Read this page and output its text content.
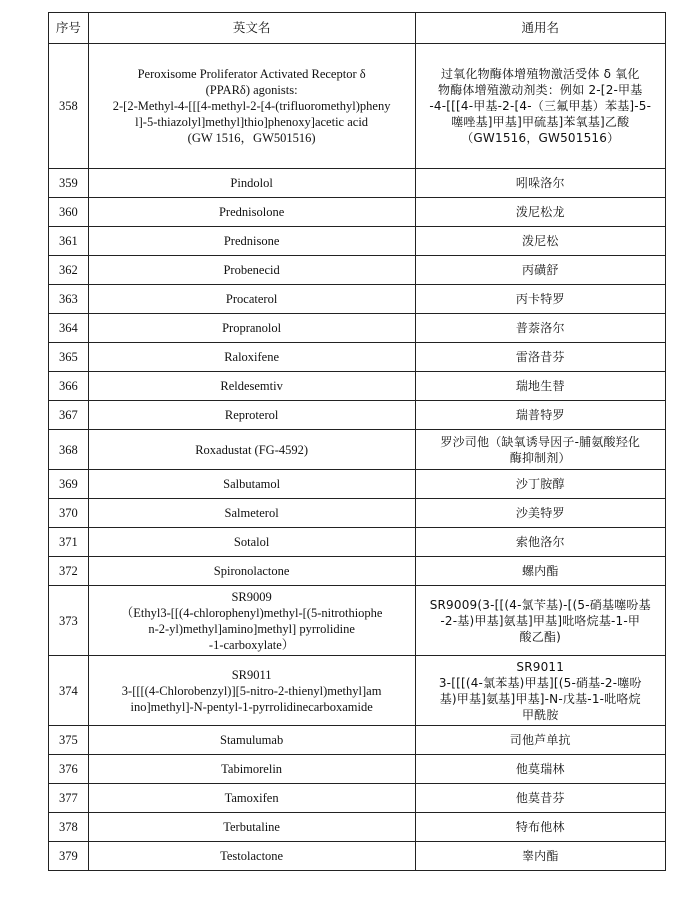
序号	英文名	通用名
358	Peroxisome Proliferator Activated Receptor δ
(PPARδ) agonists:
2-[2-Methyl-4-[[[4-methyl-2-[4-(trifluoromethyl)pheny
l]-5-thiazolyl]methyl]thio]phenoxy]acetic acid
(GW 1516，GW501516)	过氧化物酶体增殖物激活受体 δ 氧化
物酶体增殖激动剂类：例如 2-[2-甲基
-4-[[[4-甲基-2-[4-（三氟甲基）苯基]-5-
噻唑基]甲基]甲硫基]苯氧基]乙酸
（GW1516，GW501516）

359	Pindolol	吲哚洛尔

360	Prednisolone	泼尼松龙

361	Prednisone	泼尼松

362	Probenecid	丙磺舒

363	Procaterol	丙卡特罗

364	Propranolol	普萘洛尔

365	Raloxifene	雷洛昔芬

366	Reldesemtiv	瑞地生替

367	Reproterol	瑞普特罗

368	Roxadustat (FG-4592)	罗沙司他（缺氧诱导因子-脯氨酸羟化
酶抑制剂）

369	Salbutamol	沙丁胺醇

370	Salmeterol	沙美特罗

371	Sotalol	索他洛尔

372	Spironolactone	螺内酯

373	SR9009
（Ethyl3-[[(4-chlorophenyl)methyl-[(5-nitrothiophe
n-2-yl)methyl]amino]methyl] pyrrolidine
-1-carboxylate）	SR9009(3-[[(4-氯苄基)-[(5-硝基噻吩基
-2-基)甲基]氨基]甲基]吡咯烷基-1-甲
酸乙酯)

374	SR9011
3-[[[(4-Chlorobenzyl)][5-nitro-2-thienyl)methyl]am
ino]methyl]-N-pentyl-1-pyrrolidinecarboxamide	SR9011
3-[[[(4-氯苯基)甲基][(5-硝基-2-噻吩
基)甲基]氨基]甲基]-N-戊基-1-吡咯烷
甲酰胺

375	Stamulumab	司他芦单抗

376	Tabimorelin	他莫瑞林

377	Tamoxifen	他莫昔芬

378	Terbutaline	特布他林

379	Testolactone	睾内酯
